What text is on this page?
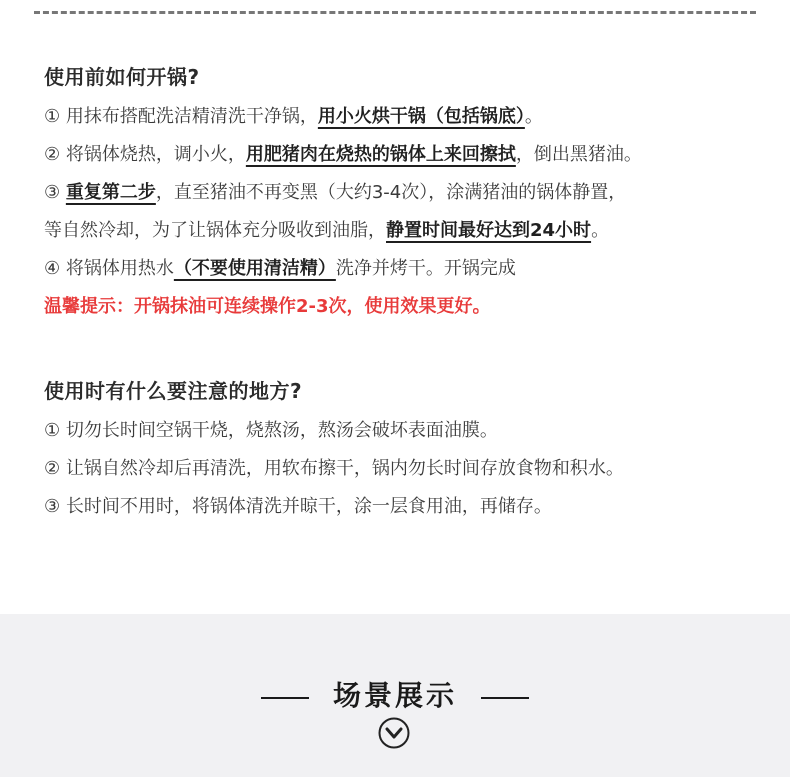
使用前如何开锅?
① 用抹布搭配洗洁精清洗干净锅，用小火烘干锅（包括锅底）。
② 将锅体烧热，调小火，用肥猪肉在烧热的锅体上来回擦拭，倒出黑猪油。
③ 重复第二步，直至猪油不再变黑（大约3-4次），涂满猪油的锅体静置，
等自然冷却，为了让锅体充分吸收到油脂，静置时间最好达到24小时。
④ 将锅体用热水（不要使用清洁精）洗净并烤干。开锅完成
温馨提示：开锅抹油可连续操作2-3次，使用效果更好。
使用时有什么要注意的地方?
① 切勿长时间空锅干烧，烧熬汤，熬汤会破坏表面油膜。
② 让锅自然冷却后再清洗，用软布擦干，锅内勿长时间存放食物和积水。
③ 长时间不用时，将锅体清洗并晾干，涂一层食用油，再储存。
场景展示
